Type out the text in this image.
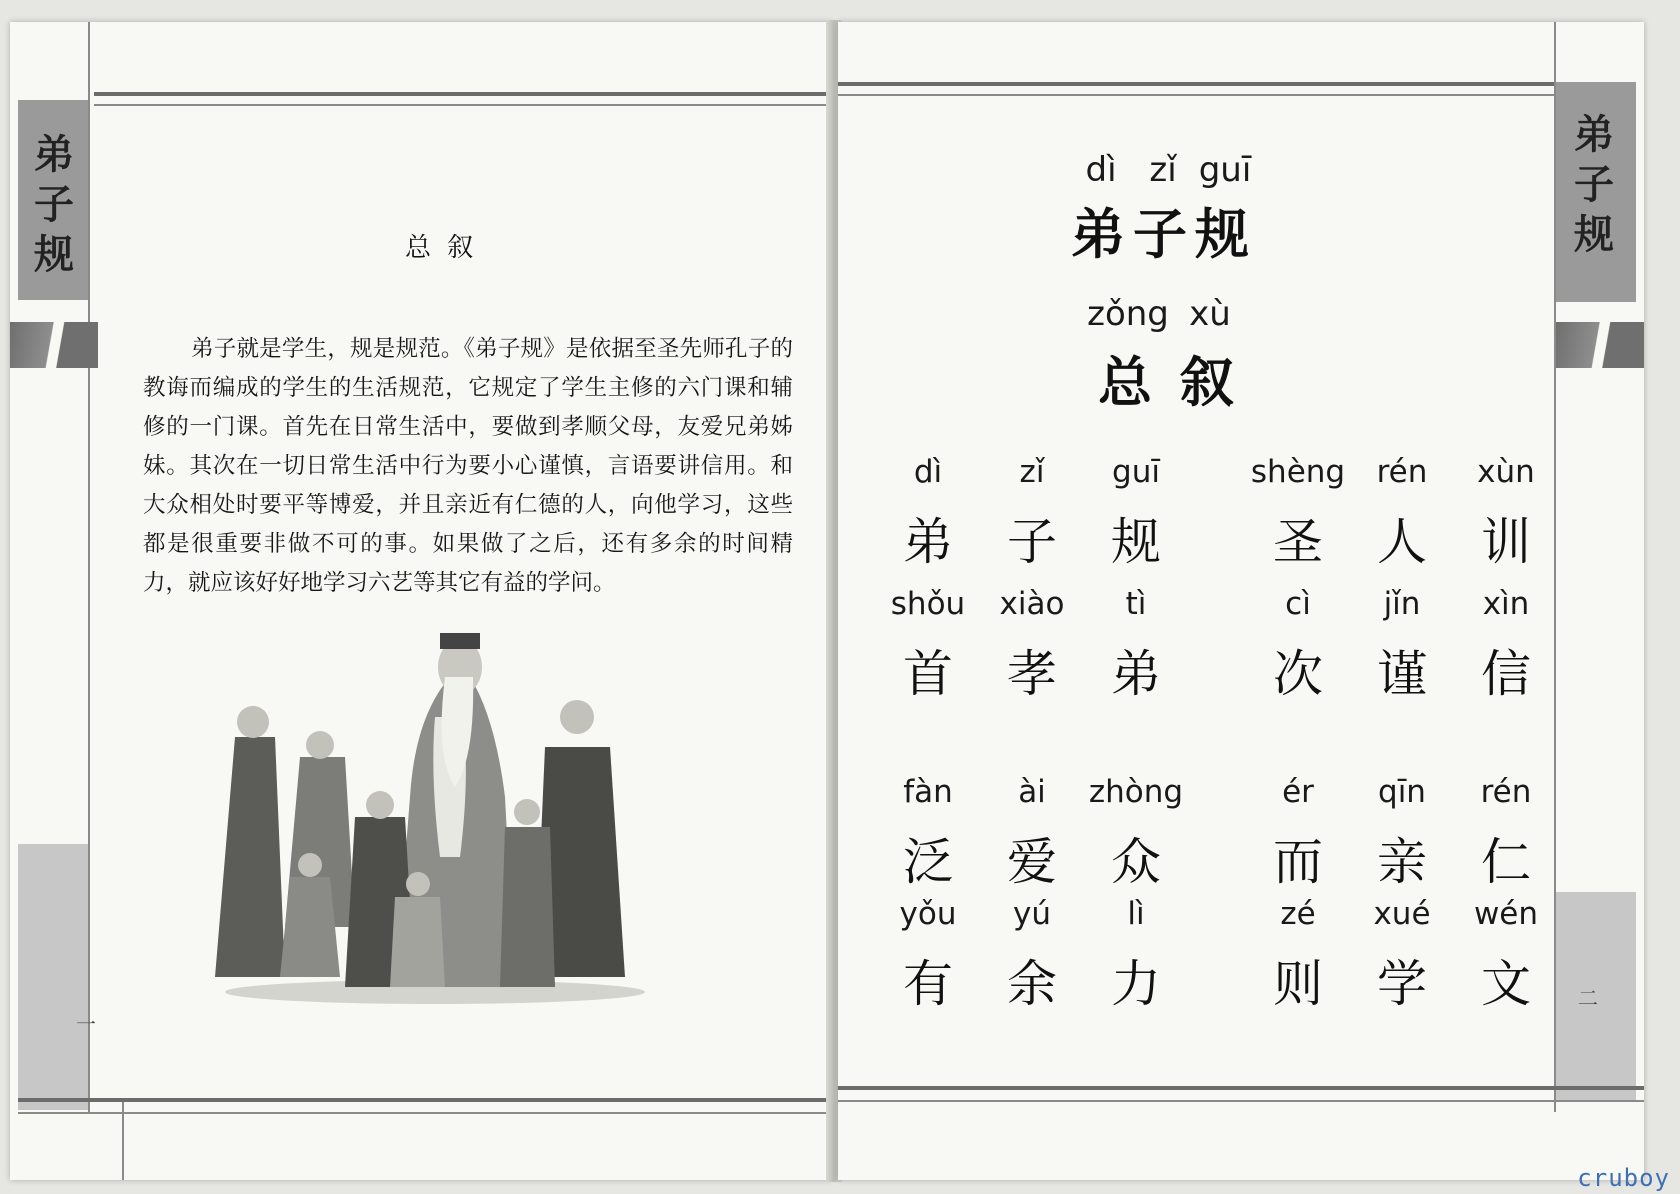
弟
子
规	总 叙
弟子就是学生，规是规范。《弟子规》是依据至圣先师孔子的教诲而编成的学生的生活规范，它规定了学生主修的六门课和辅修的一门课。首先在日常生活中，要做到孝顺父母，友爱兄弟姊妹。其次在一切日常生活中行为要小心谨慎，言语要讲信用。和大众相处时要平等博爱，并且亲近有仁德的人，向他学习，这些都是很重要非做不可的事。如果做了之后，还有多余的时间精力，就应该好好地学习六艺等其它有益的学问。
一
弟
子
规
dì zǐ guī
弟 子 规
zǒng xù
总 叙
dì
弟
zǐ
子
guī
规
shèng
圣
rén
人
xùn
训
shǒu
首
xiào
孝
tì
弟
cì
次
jǐn
谨
xìn
信
fàn
泛
ài
爱
zhòng
众
ér
而
qīn
亲
rén
仁
yǒu
有
yú
余
lì
力
zé
则
xué
学
wén
文	二
cruboy
